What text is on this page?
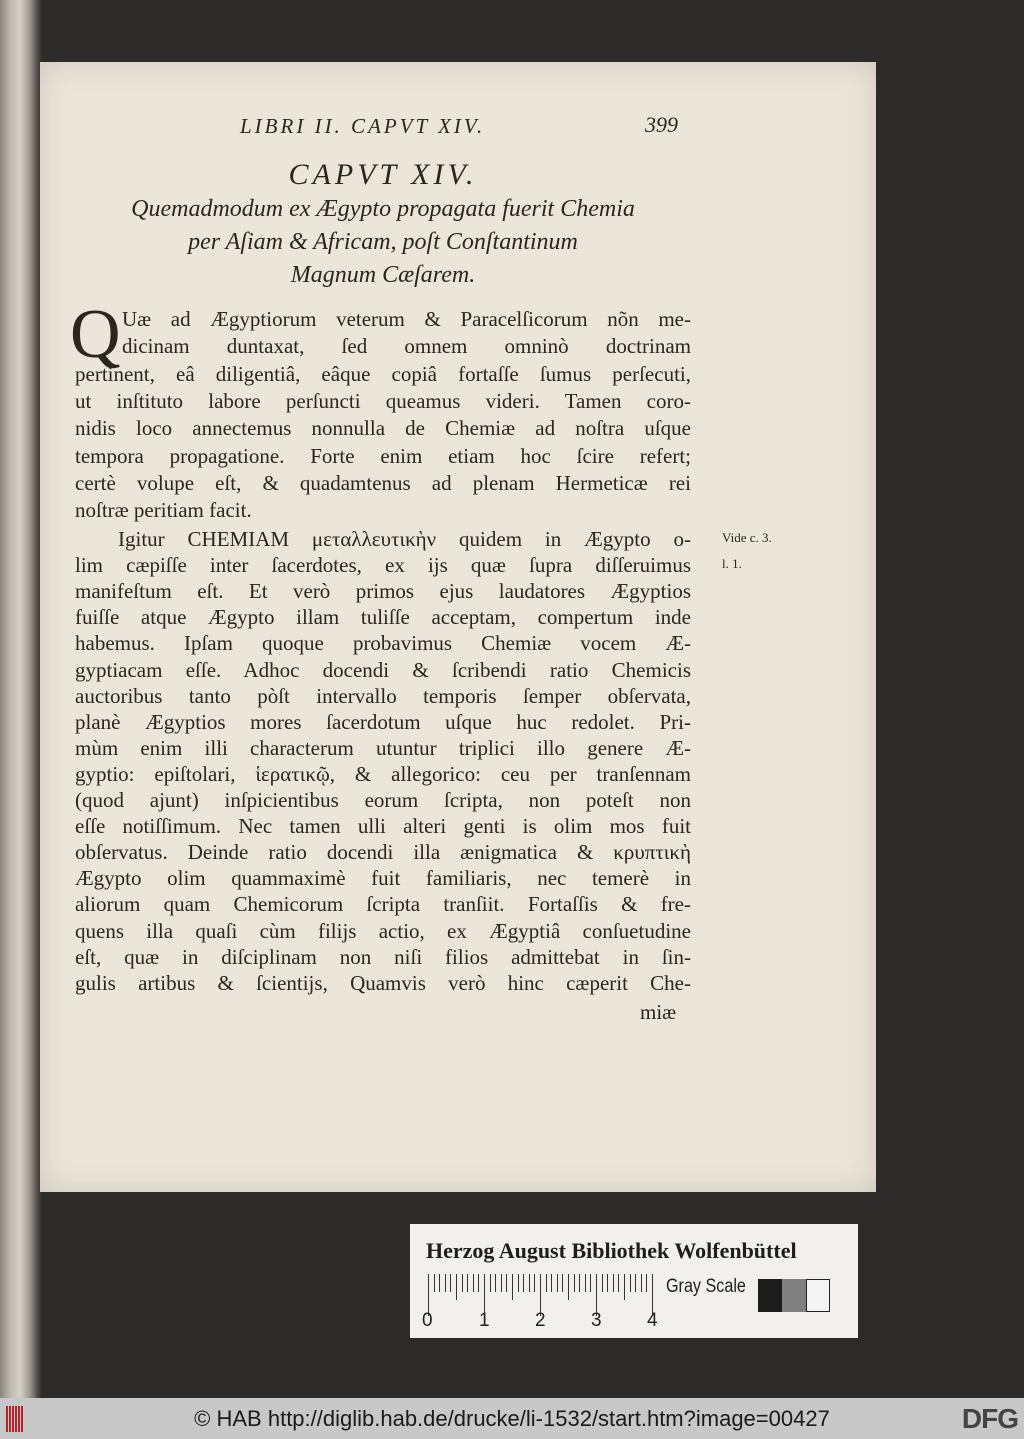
LIBRI II. CAPVT XIV.	399
CAPVT XIV.
Quemadmodum ex Ægypto propagata fuerit Chemia
per Aſiam & Africam, poſt Conſtantinum
Magnum Cæſarem.
Q Uæ ad Ægyptiorum veterum & Paracelſicorum nõn me-
dicinam duntaxat, ſed omnem omninò doctrinam
pertinent, eâ diligentiâ, eâque copiâ fortaſſe ſumus perſecuti,
ut inſtituto labore perſuncti queamus videri. Tamen coro-
nidis loco annectemus nonnulla de Chemiæ ad noſtra uſque
tempora propagatione. Forte enim etiam hoc ſcire refert;
certè volupe eſt, & quadamtenus ad plenam Hermeticæ rei
noſtræ peritiam facit.
Igitur CHEMIAM μεταλλευτικὴν quidem in Ægypto o-
lim cæpiſſe inter ſacerdotes, ex ijs quæ ſupra diſſeruimus
manifeſtum eſt. Et verò primos ejus laudatores Ægyptios
fuiſſe atque Ægypto illam tuliſſe acceptam, compertum inde
habemus. Ipſam quoque probavimus Chemiæ vocem Æ-
gyptiacam eſſe. Adhoc docendi & ſcribendi ratio Chemicis
auctoribus tanto pòſt intervallo temporis ſemper obſervata,
planè Ægyptios mores ſacerdotum uſque huc redolet. Pri-
mùm enim illi characterum utuntur triplici illo genere Æ-
gyptio: epiſtolari, ἱερατικῷ, & allegorico: ceu per tranſennam
(quod ajunt) inſpicientibus eorum ſcripta, non poteſt non
eſſe notiſſimum. Nec tamen ulli alteri genti is olim mos fuit
obſervatus. Deinde ratio docendi illa ænigmatica & κρυπτικὴ
Ægypto olim quammaximè fuit familiaris, nec temerè in
aliorum quam Chemicorum ſcripta tranſiit. Fortaſſis & fre-
quens illa quaſi cùm filijs actio, ex Ægyptiâ conſuetudine
eſt, quæ in diſciplinam non niſi filios admittebat in ſin-
gulis artibus & ſcientijs, Quamvis verò hinc cæperit Che-
miæ
Vide c. 3.
l. 1.
Herzog August Bibliothek Wolfenbüttel
0 1 2 3 4
Gray Scale
© HAB http://diglib.hab.de/drucke/li-1532/start.htm?image=00427	DFG
